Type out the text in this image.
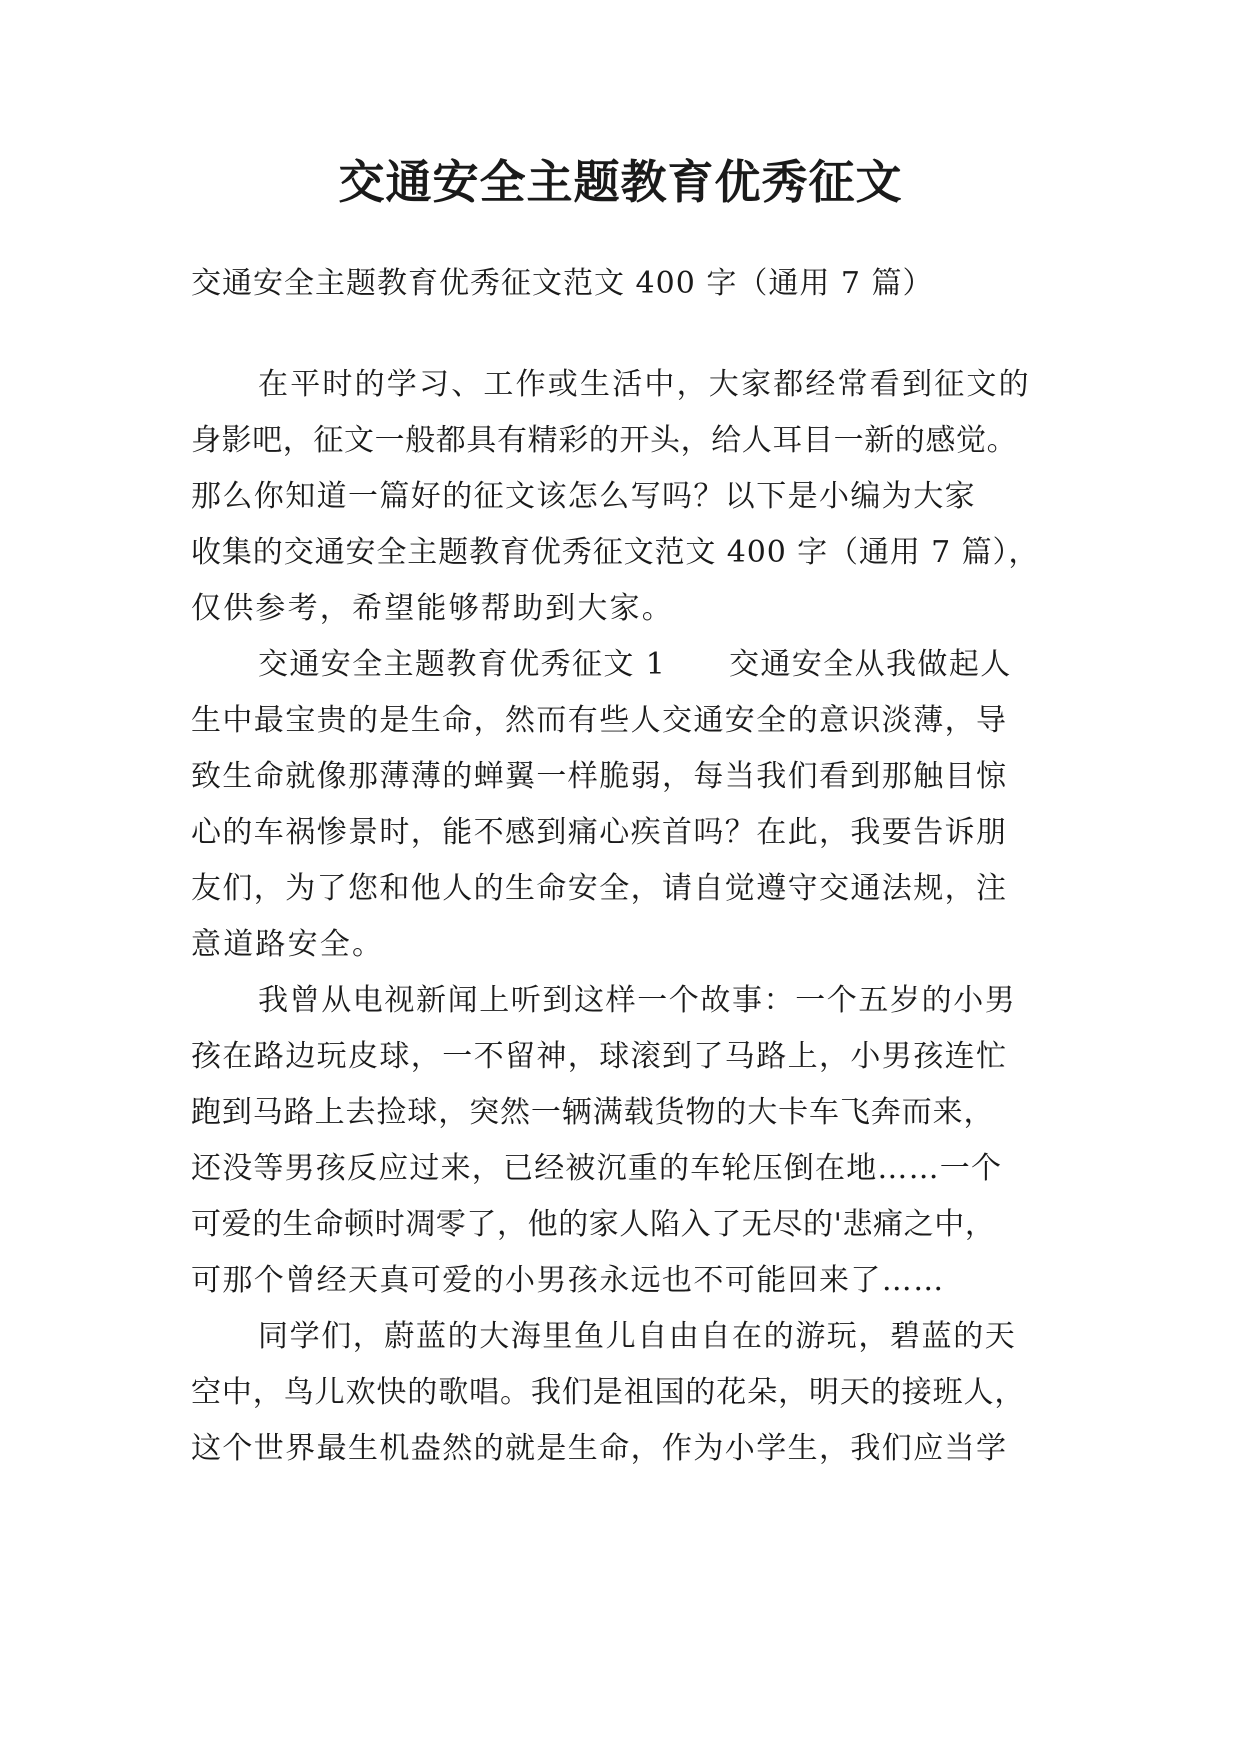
交通安全主题教育优秀征文

交通安全主题教育优秀征文范文 400 字（通用 7 篇）

在平时的学习、工作或生活中，大家都经常看到征文的

身影吧，征文一般都具有精彩的开头，给人耳目一新的感觉。

那么你知道一篇好的征文该怎么写吗？以下是小编为大家

收集的交通安全主题教育优秀征文范文 400 字（通用 7 篇），

仅供参考，希望能够帮助到大家。

交通安全主题教育优秀征文 1　　交通安全从我做起人

生中最宝贵的是生命，然而有些人交通安全的意识淡薄，导

致生命就像那薄薄的蝉翼一样脆弱，每当我们看到那触目惊

心的车祸惨景时，能不感到痛心疾首吗？在此，我要告诉朋

友们，为了您和他人的生命安全，请自觉遵守交通法规，注

意道路安全。

我曾从电视新闻上听到这样一个故事：一个五岁的小男

孩在路边玩皮球，一不留神，球滚到了马路上，小男孩连忙

跑到马路上去捡球，突然一辆满载货物的大卡车飞奔而来，

还没等男孩反应过来，已经被沉重的车轮压倒在地……一个

可爱的生命顿时凋零了，他的家人陷入了无尽的'悲痛之中，

可那个曾经天真可爱的小男孩永远也不可能回来了……

同学们，蔚蓝的大海里鱼儿自由自在的游玩，碧蓝的天

空中，鸟儿欢快的歌唱。我们是祖国的花朵，明天的接班人，

这个世界最生机盎然的就是生命，作为小学生，我们应当学
